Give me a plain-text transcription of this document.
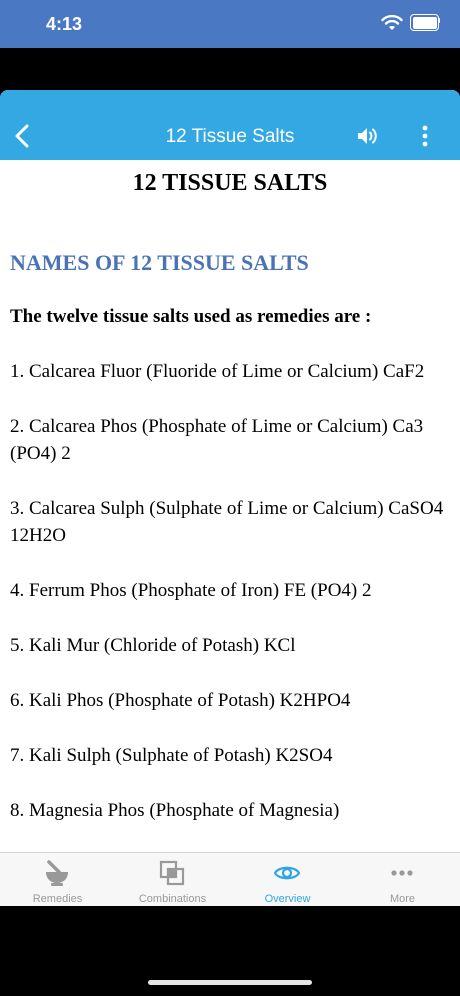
4:13
12 Tissue Salts
12 TISSUE SALTS
NAMES OF 12 TISSUE SALTS
The twelve tissue salts used as remedies are :
1. Calcarea Fluor (Fluoride of Lime or Calcium) CaF2
2. Calcarea Phos (Phosphate of Lime or Calcium) Ca3 (PO4) 2
3. Calcarea Sulph (Sulphate of Lime or Calcium) CaSO4 12H2O
4. Ferrum Phos (Phosphate of Iron) FE (PO4) 2
5. Kali Mur (Chloride of Potash) KCl
6. Kali Phos (Phosphate of Potash) K2HPO4
7. Kali Sulph (Sulphate of Potash) K2SO4
8. Magnesia Phos (Phosphate of Magnesia)
Remedies	Combinations	Overview	More
